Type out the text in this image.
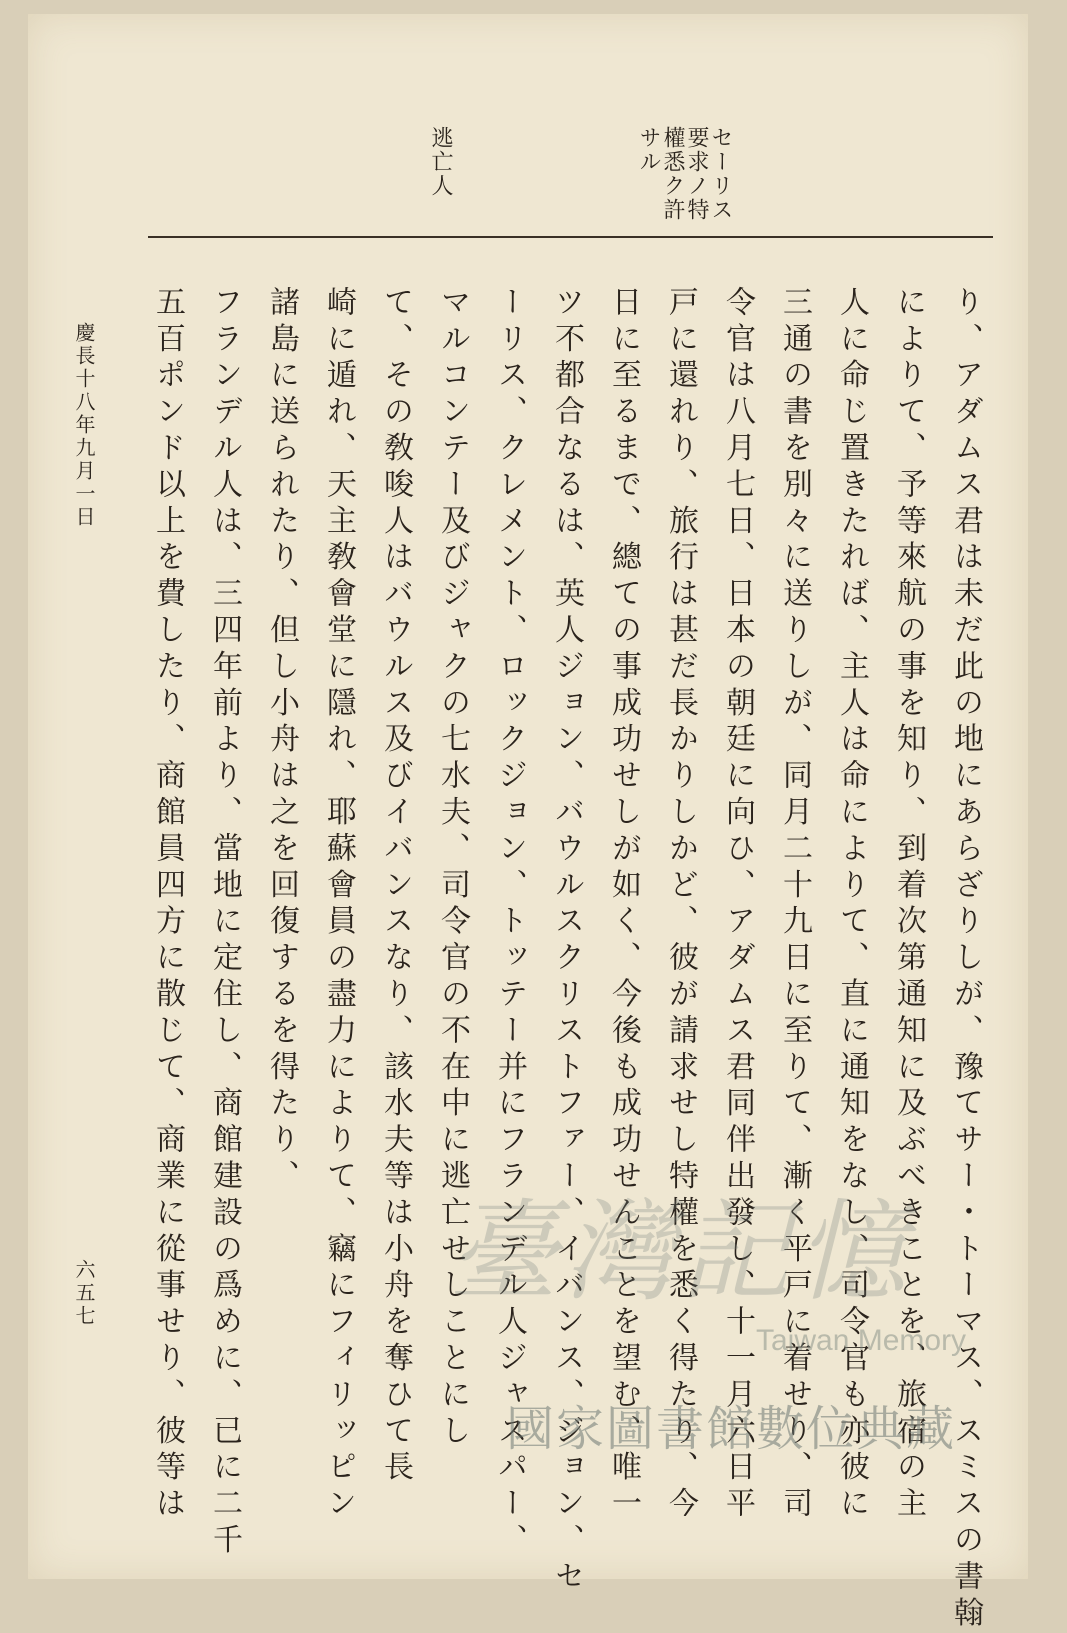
セーリス
要求ノ特
權悉ク許
サル
逃亡人
り、アダムス君は未だ此の地にあらざりしが、豫てサー・トーマス、スミスの書翰
によりて、予等來航の事を知り、到着次第通知に及ぶべきことを、旅宿の主
人に命じ置きたれば、主人は命によりて、直に通知をなし、司令官も亦彼に
三通の書を別々に送りしが、同月二十九日に至りて、漸く平戸に着せり、司
令官は八月七日、日本の朝廷に向ひ、アダムス君同伴出發し、十一月六日平
戸に還れり、旅行は甚だ長かりしかど、彼が請求せし特權を悉く得たり、今
日に至るまで、總ての事成功せしが如く、今後も成功せんことを望む、唯一
ツ不都合なるは、英人ジョン、バウルスクリストファー、イバンス、ジョン、セ
ーリス、クレメント、ロックジョン、トッテー并にフランデル人ジャスパー、
マルコンテー及びジャクの七水夫、司令官の不在中に逃亡せしことにし
て、その敎唆人はバウルス及びイバンスなり、該水夫等は小舟を奪ひて長
崎に遁れ、天主敎會堂に隱れ、耶蘇會員の盡力によりて、竊にフィリッピン
諸島に送られたり、但し小舟は之を回復するを得たり、
フランデル人は、三四年前より、當地に定住し、商館建設の爲めに、已に二千
五百ポンド以上を費したり、商館員四方に散じて、商業に從事せり、彼等は
慶長十八年九月一日
六五七	臺灣記憶
Taiwan Memory
國家圖書館數位典藏
